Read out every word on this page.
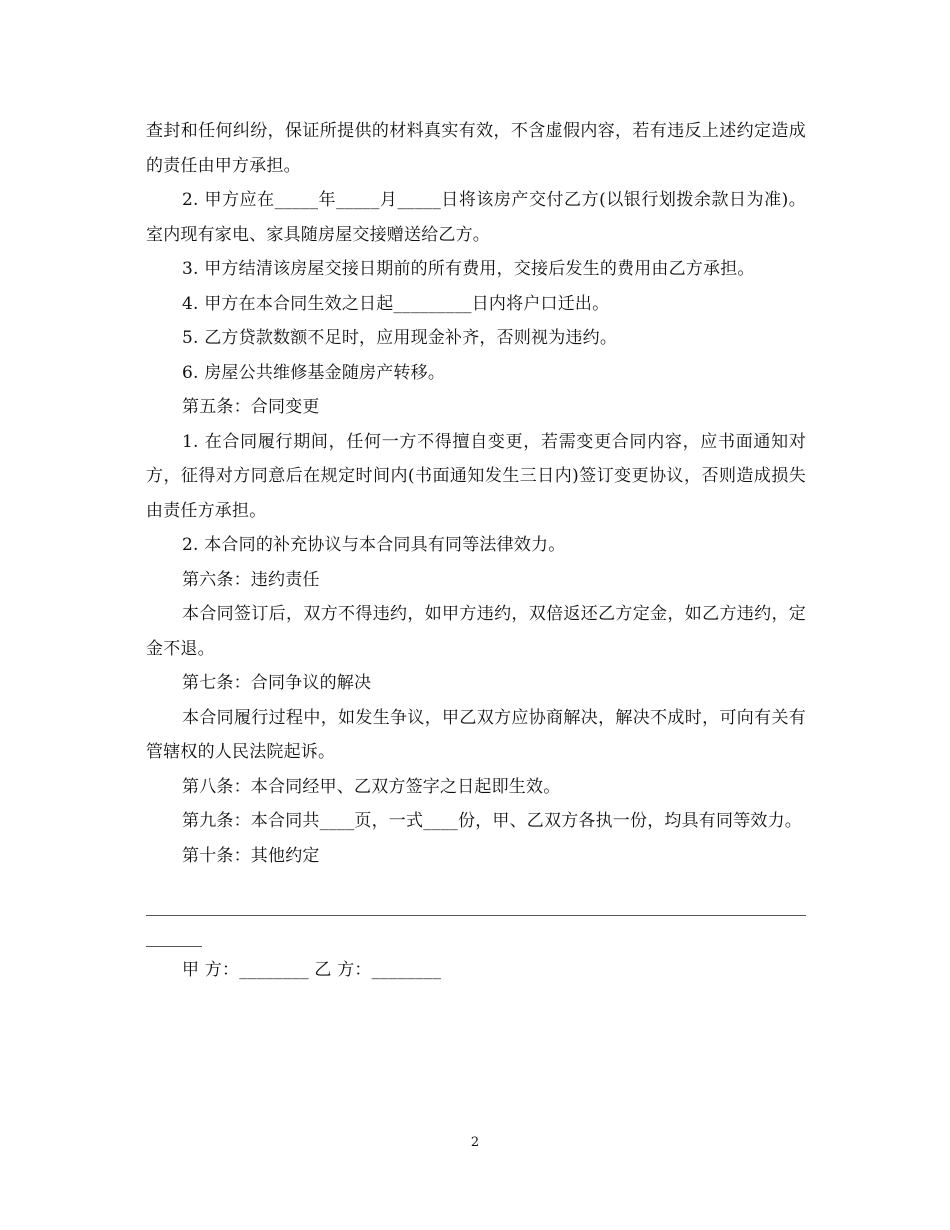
查封和任何纠纷，保证所提供的材料真实有效，不含虚假内容，若有违反上述约定造成的责任由甲方承担。

2. 甲方应在_____年_____月_____日将该房产交付乙方(以银行划拨余款日为准)。室内现有家电、家具随房屋交接赠送给乙方。

3. 甲方结清该房屋交接日期前的所有费用，交接后发生的费用由乙方承担。

4. 甲方在本合同生效之日起_________日内将户口迁出。

5. 乙方贷款数额不足时，应用现金补齐，否则视为违约。

6. 房屋公共维修基金随房产转移。

第五条：合同变更

1. 在合同履行期间，任何一方不得擅自变更，若需变更合同内容，应书面通知对方，征得对方同意后在规定时间内(书面通知发生三日内)签订变更协议，否则造成损失由责任方承担。

2. 本合同的补充协议与本合同具有同等法律效力。

第六条：违约责任

本合同签订后，双方不得违约，如甲方违约，双倍返还乙方定金，如乙方违约，定金不退。

第七条：合同争议的解决

本合同履行过程中，如发生争议，甲乙双方应协商解决，解决不成时，可向有关有管辖权的人民法院起诉。

第八条：本合同经甲、乙双方签字之日起即生效。

第九条：本合同共____页，一式____份，甲、乙双方各执一份，均具有同等效力。

第十条：其他约定

甲 方：________ 乙 方：________

2
